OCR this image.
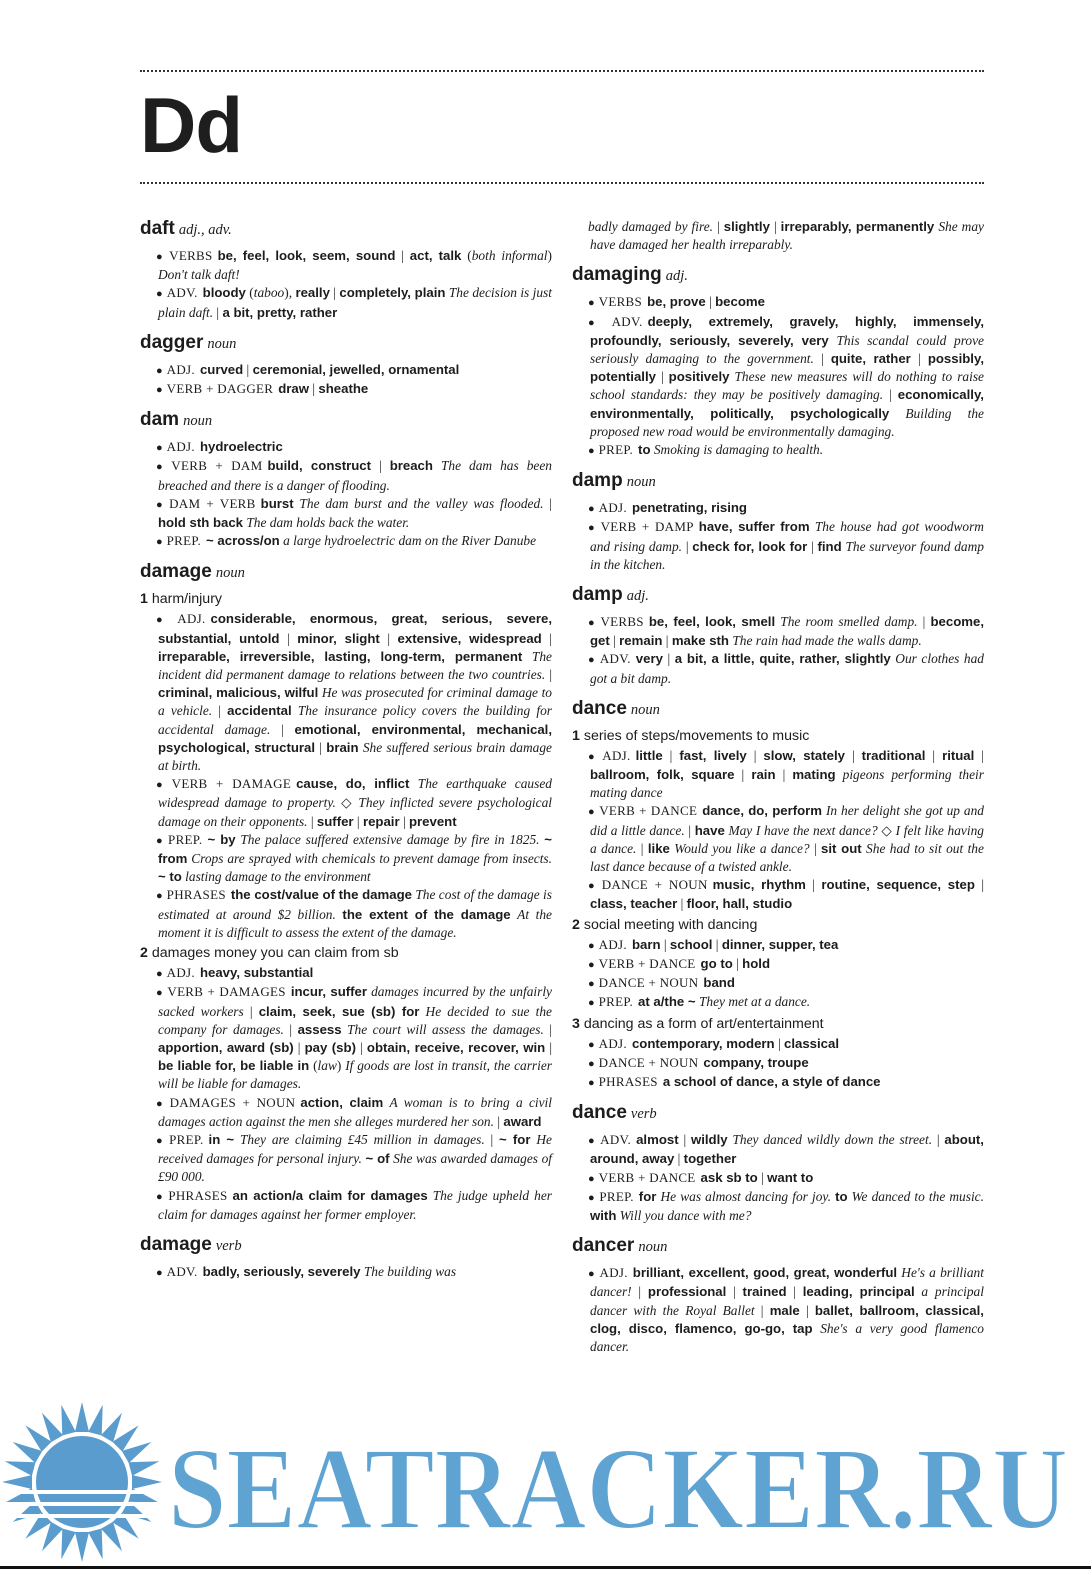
Dd
daft adj., adv.
● VERBS be, feel, look, seem, sound | act, talk (both informal) Don't talk daft!
● ADV. bloody (taboo), really | completely, plain The decision is just plain daft. | a bit, pretty, rather
dagger noun
● ADJ. curved | ceremonial, jewelled, ornamental
● VERB + DAGGER draw | sheathe
dam noun
● ADJ. hydroelectric
● VERB + DAM build, construct | breach The dam has been breached and there is a danger of flooding.
● DAM + VERB burst The dam burst and the valley was flooded. | hold sth back The dam holds back the water.
● PREP. ~ across/on a large hydroelectric dam on the River Danube
damage noun
1 harm/injury
● ADJ. considerable, enormous, great, serious, severe, substantial, untold | minor, slight | extensive, widespread | irreparable, irreversible, lasting, long-term, permanent The incident did permanent damage to relations between the two countries. | criminal, malicious, wilful He was prosecuted for criminal damage to a vehicle. | accidental The insurance policy covers the building for accidental damage. | emotional, environmental, mechanical, psychological, structural | brain She suffered serious brain damage at birth.
● VERB + DAMAGE cause, do, inflict The earthquake caused widespread damage to property. ◇ They inflicted severe psychological damage on their opponents. | suffer | repair | prevent
● PREP. ~ by The palace suffered extensive damage by fire in 1825. ~ from Crops are sprayed with chemicals to prevent damage from insects. ~ to lasting damage to the environment
● PHRASES the cost/value of the damage The cost of the damage is estimated at around $2 billion. the extent of the damage At the moment it is difficult to assess the extent of the damage.
2 damages money you can claim from sb
● ADJ. heavy, substantial
● VERB + DAMAGES incur, suffer damages incurred by the unfairly sacked workers | claim, seek, sue (sb) for He decided to sue the company for damages. | assess The court will assess the damages. | apportion, award (sb) | pay (sb) | obtain, receive, recover, win | be liable for, be liable in (law) If goods are lost in transit, the carrier will be liable for damages.
● DAMAGES + NOUN action, claim A woman is to bring a civil damages action against the men she alleges murdered her son. | award
● PREP. in ~ They are claiming £45 million in damages. | ~ for He received damages for personal injury. ~ of She was awarded damages of £90 000.
● PHRASES an action/a claim for damages The judge upheld her claim for damages against her former employer.
damage verb
● ADV. badly, seriously, severely The building was
badly damaged by fire. | slightly | irreparably, permanently She may have damaged her health irreparably.
damaging adj.
● VERBS be, prove | become
● ADV. deeply, extremely, gravely, highly, immensely, profoundly, seriously, severely, very This scandal could prove seriously damaging to the government. | quite, rather | possibly, potentially | positively These new measures will do nothing to raise school standards: they may be positively damaging. | economically, environmentally, politically, psychologically Building the proposed new road would be environmentally damaging.
● PREP. to Smoking is damaging to health.
damp noun
● ADJ. penetrating, rising
● VERB + DAMP have, suffer from The house had got woodworm and rising damp. | check for, look for | find The surveyor found damp in the kitchen.
damp adj.
● VERBS be, feel, look, smell The room smelled damp. | become, get | remain | make sth The rain had made the walls damp.
● ADV. very | a bit, a little, quite, rather, slightly Our clothes had got a bit damp.
dance noun
1 series of steps/movements to music
● ADJ. little | fast, lively | slow, stately | traditional | ritual | ballroom, folk, square | rain | mating pigeons performing their mating dance
● VERB + DANCE dance, do, perform In her delight she got up and did a little dance. | have May I have the next dance? ◇ I felt like having a dance. | like Would you like a dance? | sit out She had to sit out the last dance because of a twisted ankle.
● DANCE + NOUN music, rhythm | routine, sequence, step | class, teacher | floor, hall, studio
2 social meeting with dancing
● ADJ. barn | school | dinner, supper, tea
● VERB + DANCE go to | hold
● DANCE + NOUN band
● PREP. at a/the ~ They met at a dance.
3 dancing as a form of art/entertainment
● ADJ. contemporary, modern | classical
● DANCE + NOUN company, troupe
● PHRASES a school of dance, a style of dance
dance verb
● ADV. almost | wildly They danced wildly down the street. | about, around, away | together
● VERB + DANCE ask sb to | want to
● PREP. for He was almost dancing for joy. to We danced to the music. with Will you dance with me?
dancer noun
● ADJ. brilliant, excellent, good, great, wonderful He's a brilliant dancer! | professional | trained | leading, principal a principal dancer with the Royal Ballet | male | ballet, ballroom, classical, clog, disco, flamenco, go-go, tap She's a very good flamenco dancer.
SEATRACKER.RU
